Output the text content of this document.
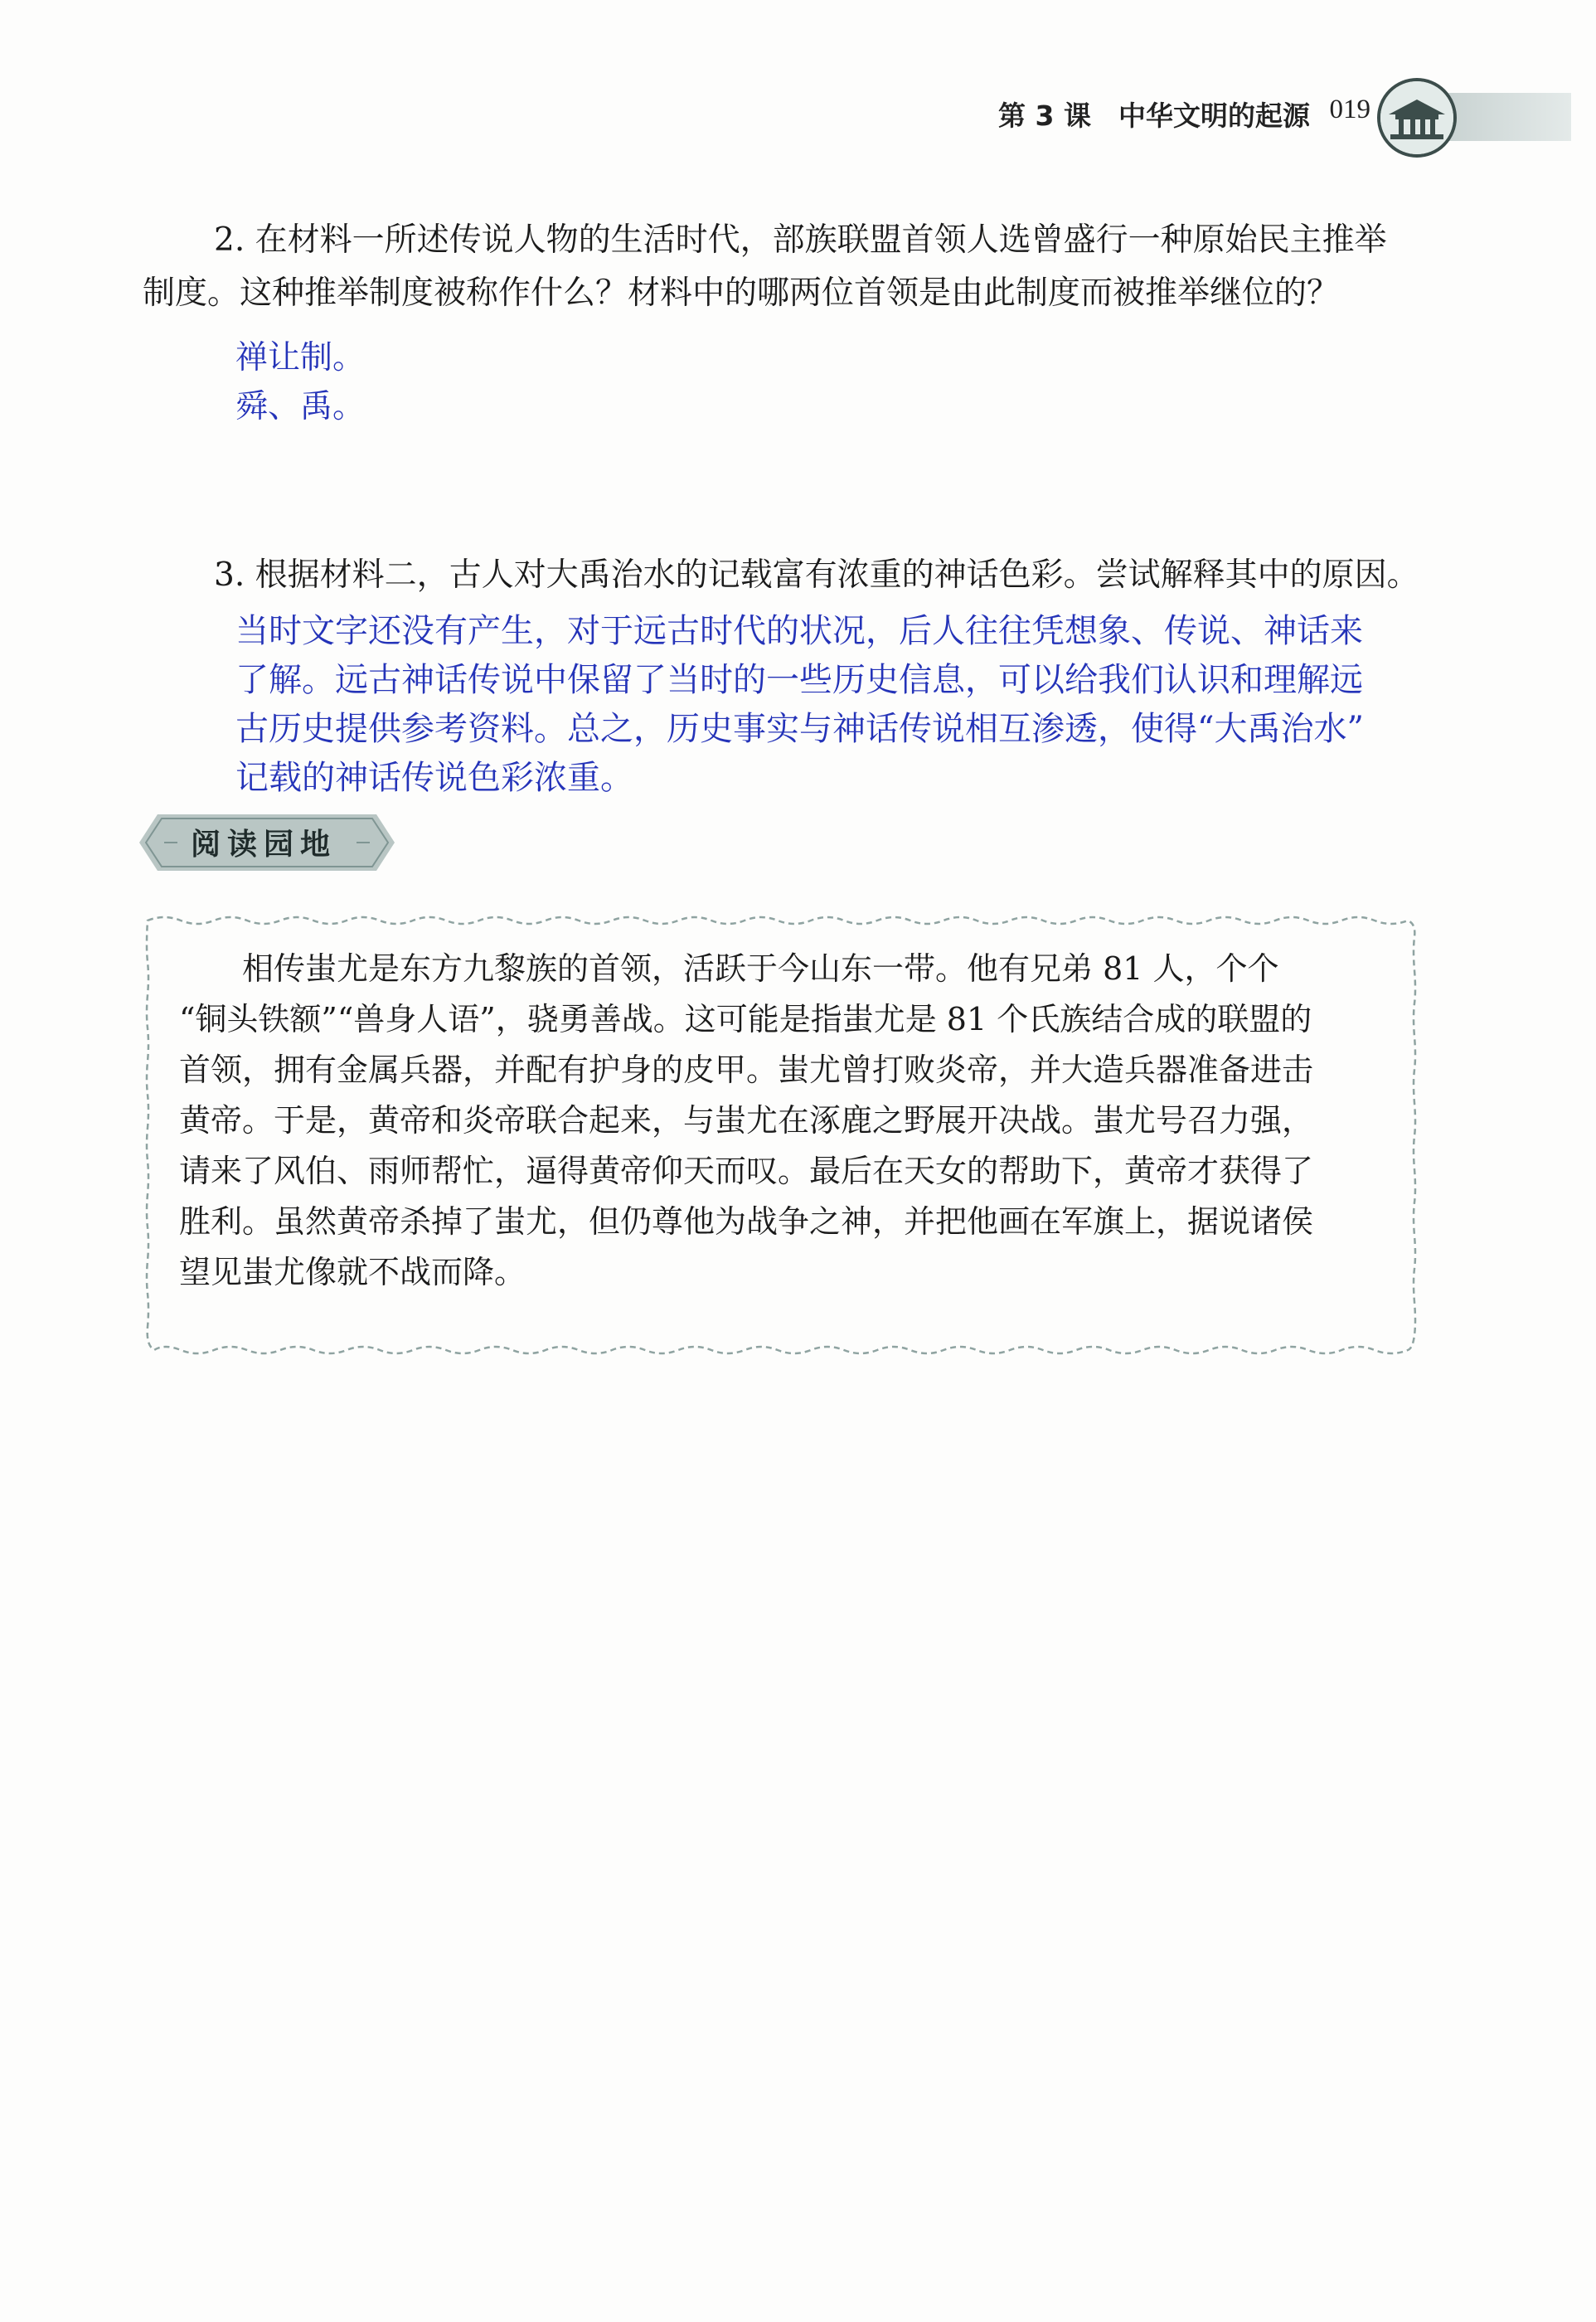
第 3 课　中华文明的起源 019
2. 在材料一所述传说人物的生活时代，部族联盟首领人选曾盛行一种原始民主推举
制度。这种推举制度被称作什么？材料中的哪两位首领是由此制度而被推举继位的？
禅让制。
舜、禹。
3. 根据材料二，古人对大禹治水的记载富有浓重的神话色彩。尝试解释其中的原因。
当时文字还没有产生，对于远古时代的状况，后人往往凭想象、传说、神话来
了解。远古神话传说中保留了当时的一些历史信息，可以给我们认识和理解远
古历史提供参考资料。总之，历史事实与神话传说相互渗透，使得“大禹治水”
记载的神话传说色彩浓重。
阅读园地
　　相传蚩尤是东方九黎族的首领，活跃于今山东一带。他有兄弟 81 人，个个
“铜头铁额”“兽身人语”，骁勇善战。这可能是指蚩尤是 81 个氏族结合成的联盟的
首领，拥有金属兵器，并配有护身的皮甲。蚩尤曾打败炎帝，并大造兵器准备进击
黄帝。于是，黄帝和炎帝联合起来，与蚩尤在涿鹿之野展开决战。蚩尤号召力强，
请来了风伯、雨师帮忙，逼得黄帝仰天而叹。最后在天女的帮助下，黄帝才获得了
胜利。虽然黄帝杀掉了蚩尤，但仍尊他为战争之神，并把他画在军旗上，据说诸侯
望见蚩尤像就不战而降。
